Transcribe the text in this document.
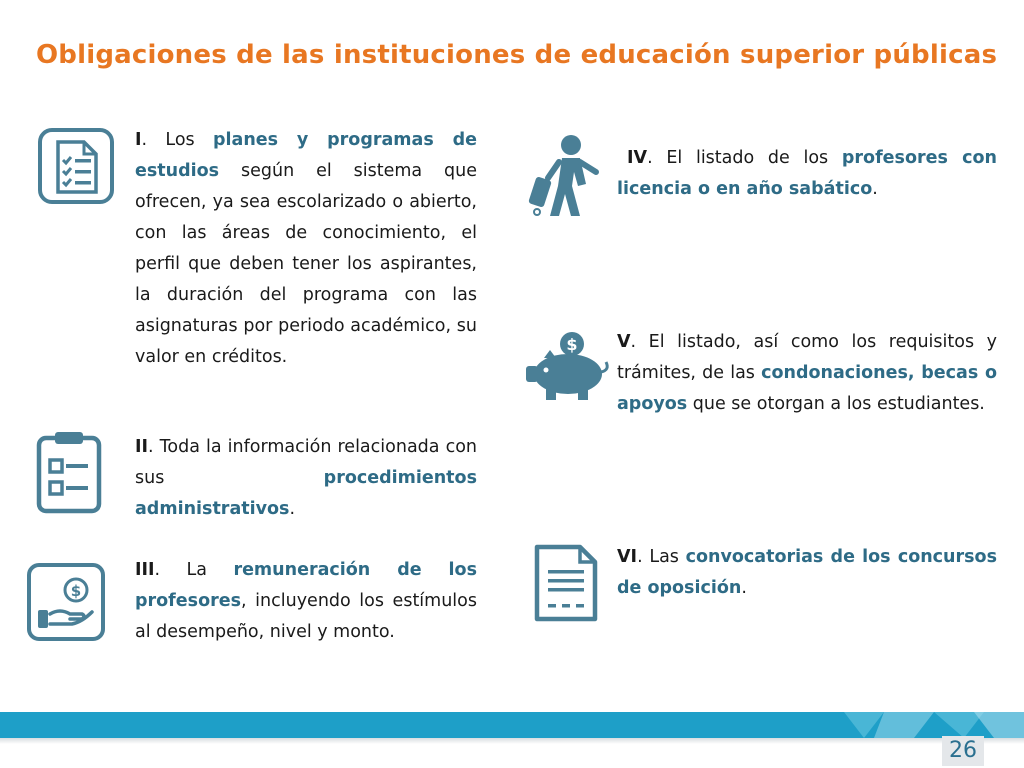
Obligaciones de las instituciones de educación superior públicas
$
$
I. Los planes y programas de estudios según el sistema que ofrecen, ya sea escolarizado o abierto, con las áreas de conocimiento, el perfil que deben tener los aspirantes, la duración del programa con las asignaturas por periodo académico, su valor en créditos.
II. Toda la información relacionada con sus procedimientos administrativos.
III. La remuneración de los profesores, incluyendo los estímulos al desempeño, nivel y monto.
IV. El listado de los profesores con licencia o en año sabático.
V. El listado, así como los requisitos y trámites, de las condonaciones, becas o apoyos que se otorgan a los estudiantes.
VI. Las convocatorias de los concursos de oposición.
26
